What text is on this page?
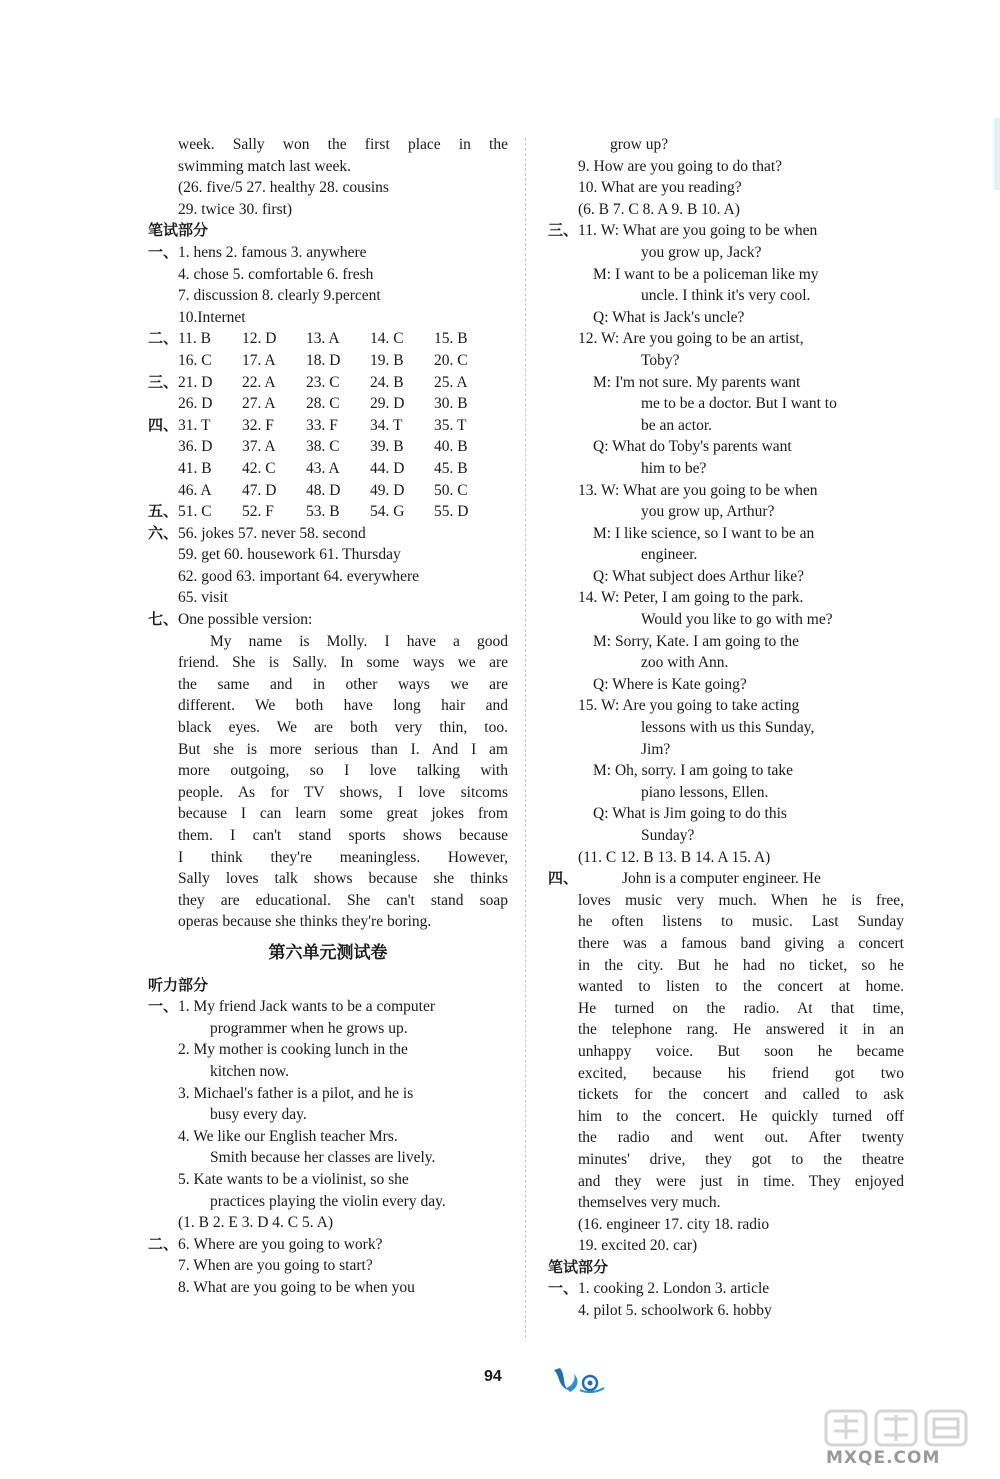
week. Sally won the first place in the
swimming match last week.
(26. five/5 27. healthy 28. cousins
29. twice 30. first)
笔试部分
一、1. hens 2. famous 3. anywhere
4. chose 5. comfortable 6. fresh
7. discussion 8. clearly 9.percent
10.Internet
二、 11. B	12. D	13. A	14. C	15. B
16. C	17. A	18. D	19. B	20. C
三、 21. D	22. A	23. C	24. B	25. A
26. D	27. A	28. C	29. D	30. B
四、 31. T	32. F	33. F	34. T	35. T
36. D	37. A	38. C	39. B	40. B
41. B	42. C	43. A	44. D	45. B
46. A	47. D	48. D	49. D	50. C
五、 51. C	52. F	53. B	54. G	55. D
六、56. jokes 57. never 58. second
59. get 60. housework 61. Thursday
62. good 63. important 64. everywhere
65. visit
七、One possible version:
My name is Molly. I have a good
friend. She is Sally. In some ways we are
the same and in other ways we are
different. We both have long hair and
black eyes. We are both very thin, too.
But she is more serious than I. And I am
more outgoing, so I love talking with
people. As for TV shows, I love sitcoms
because I can learn some great jokes from
them. I can't stand sports shows because
I think they're meaningless. However,
Sally loves talk shows because she thinks
they are educational. She can't stand soap
operas because she thinks they're boring.
第六单元测试卷
听力部分
一、1. My friend Jack wants to be a computer
programmer when he grows up.
2. My mother is cooking lunch in the
kitchen now.
3. Michael's father is a pilot, and he is
busy every day.
4. We like our English teacher Mrs.
Smith because her classes are lively.
5. Kate wants to be a violinist, so she
practices playing the violin every day.
(1. B 2. E 3. D 4. C 5. A)
二、6. Where are you going to work?
7. When are you going to start?
8. What are you going to be when you
grow up?
9. How are you going to do that?
10. What are you reading?
(6. B 7. C 8. A 9. B 10. A)
三、11. W: What are you going to be when
you grow up, Jack?
M: I want to be a policeman like my
uncle. I think it's very cool.
Q: What is Jack's uncle?
12. W: Are you going to be an artist,
Toby?
M: I'm not sure. My parents want
me to be a doctor. But I want to
be an actor.
Q: What do Toby's parents want
him to be?
13. W: What are you going to be when
you grow up, Arthur?
M: I like science, so I want to be an
engineer.
Q: What subject does Arthur like?
14. W: Peter, I am going to the park.
Would you like to go with me?
M: Sorry, Kate. I am going to the
zoo with Ann.
Q: Where is Kate going?
15. W: Are you going to take acting
lessons with us this Sunday,
Jim?
M: Oh, sorry. I am going to take
piano lessons, Ellen.
Q: What is Jim going to do this
Sunday?
(11. C 12. B 13. B 14. A 15. A)
四、	John is a computer engineer. He
loves music very much. When he is free,
he often listens to music. Last Sunday
there was a famous band giving a concert
in the city. But he had no ticket, so he
wanted to listen to the concert at home.
He turned on the radio. At that time,
the telephone rang. He answered it in an
unhappy voice. But soon he became
excited, because his friend got two
tickets for the concert and called to ask
him to the concert. He quickly turned off
the radio and went out. After twenty
minutes' drive, they got to the theatre
and they were just in time. They enjoyed
themselves very much.
(16. engineer 17. city 18. radio
19. excited 20. car)
笔试部分
一、1. cooking 2. London 3. article
4. pilot 5. schoolwork 6. hobby
94
MXQE.COM
